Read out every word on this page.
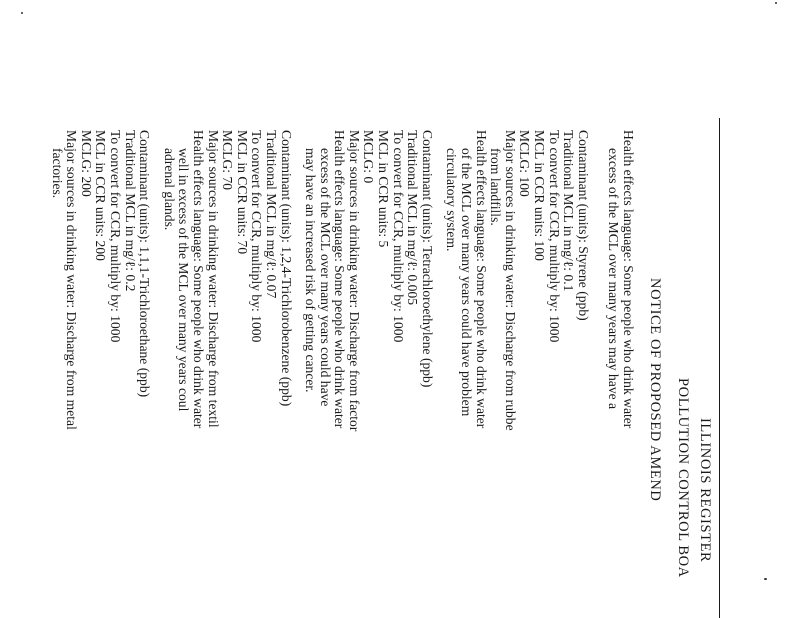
ILLINOIS REGISTER
POLLUTION CONTROL BOA
NOTICE OF PROPOSED AMEND
Health effects language: Some people who drink water
excess of the MCL over many years may have a
Contaminant (units): Styrene (ppb)
Traditional MCL in mg/ℓ: 0.1
To convert for CCR, multiply by: 1000
MCL in CCR units: 100
MCLG: 100
Major sources in drinking water: Discharge from rubbe
from landfills.
Health effects language: Some people who drink water
of the MCL over many years could have problem
circulatory system.
Contaminant (units): Tetrachloroethylene (ppb)
Traditional MCL in mg/ℓ: 0.005
To convert for CCR, multiply by: 1000
MCL in CCR units: 5
MCLG: 0
Major sources in drinking water: Discharge from factor
Health effects language: Some people who drink water
excess of the MCL over many years could have
may have an increased risk of getting cancer.
Contaminant (units): 1,2,4-Trichlorobenzene (ppb)
Traditional MCL in mg/ℓ: 0.07
To convert for CCR, multiply by: 1000
MCL in CCR units: 70
MCLG: 70
Major sources in drinking water: Discharge from textil
Health effects language: Some people who drink water
well in excess of the MCL over many years coul
adrenal glands.
Contaminant (units): 1,1,1-Trichloroethane (ppb)
Traditional MCL in mg/ℓ: 0.2
To convert for CCR, multiply by: 1000
MCL in CCR units: 200
MCLG: 200
Major sources in drinking water: Discharge from metal
factories.
